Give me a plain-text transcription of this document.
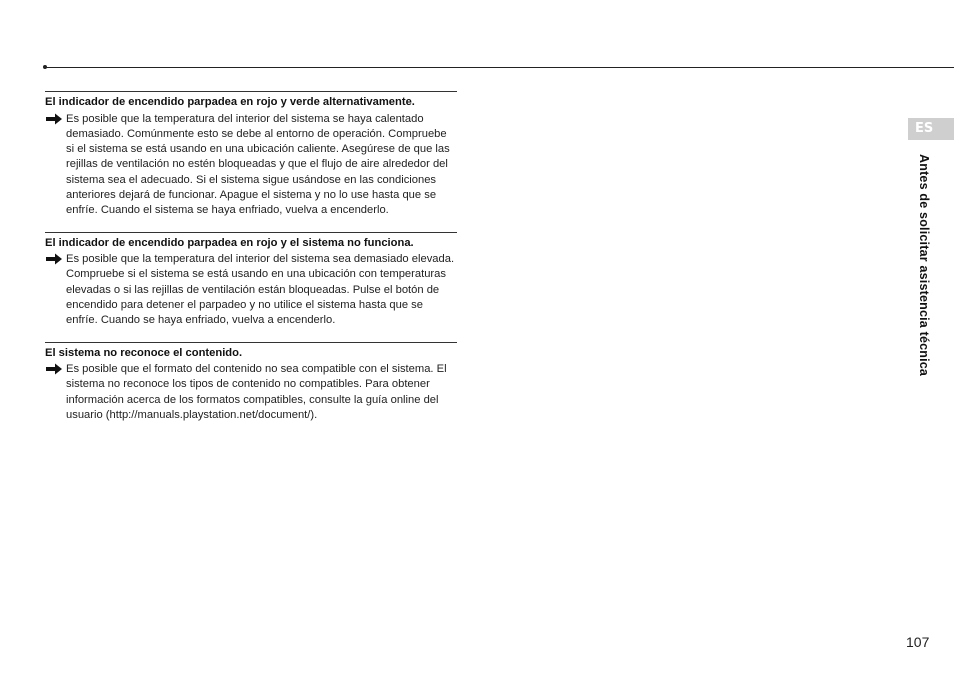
El indicador de encendido parpadea en rojo y verde alternativamente.

Es posible que la temperatura del interior del sistema se haya calentado demasiado. Comúnmente esto se debe al entorno de operación. Compruebe si el sistema se está usando en una ubicación caliente. Asegúrese de que las rejillas de ventilación no estén bloqueadas y que el flujo de aire alrededor del sistema sea el adecuado. Si el sistema sigue usándose en las condiciones anteriores dejará de funcionar. Apague el sistema y no lo use hasta que se enfríe. Cuando el sistema se haya enfriado, vuelva a encenderlo.

El indicador de encendido parpadea en rojo y el sistema no funciona.

Es posible que la temperatura del interior del sistema sea demasiado elevada. Compruebe si el sistema se está usando en una ubicación con temperaturas elevadas o si las rejillas de ventilación están bloqueadas. Pulse el botón de encendido para detener el parpadeo y no utilice el sistema hasta que se enfríe. Cuando se haya enfriado, vuelva a encenderlo.

El sistema no reconoce el contenido.

Es posible que el formato del contenido no sea compatible con el sistema. El sistema no reconoce los tipos de contenido no compatibles. Para obtener información acerca de los formatos compatibles, consulte la guía online del usuario (http://manuals.playstation.net/document/).
ES
Antes de solicitar asistencia técnica
107
